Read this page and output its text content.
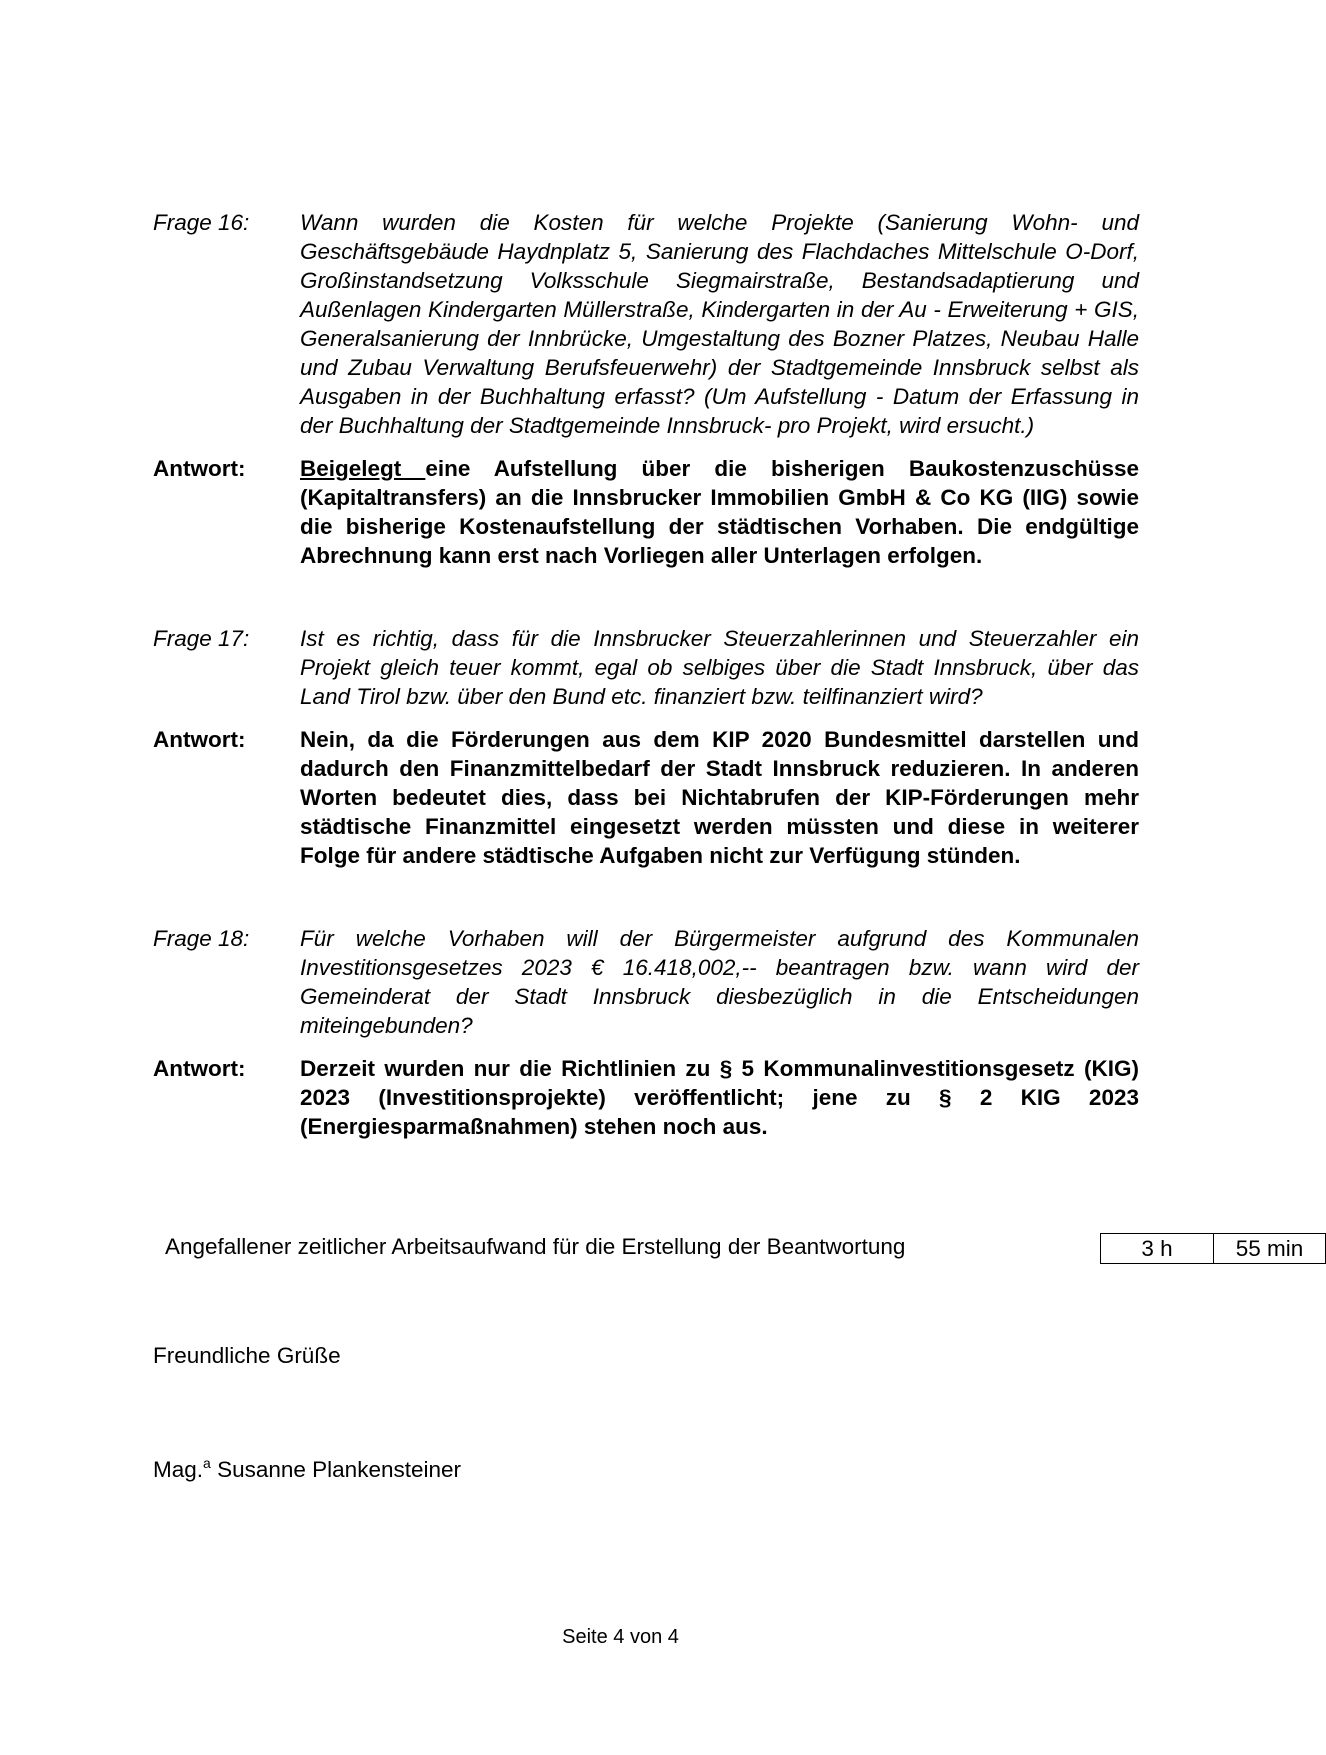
Frage 16:	Wann wurden die Kosten für welche Projekte (Sanierung Wohn- und Geschäftsgebäude Haydnplatz 5, Sanierung des Flachdaches Mittelschule O-Dorf, Großinstandsetzung Volksschule Siegmairstraße, Bestandsadaptierung und Außenlagen Kindergarten Müllerstraße, Kindergarten in der Au - Erweiterung + GIS, Generalsanierung der Innbrücke, Umgestaltung des Bozner Platzes, Neubau Halle und Zubau Verwaltung Berufsfeuerwehr) der Stadtgemeinde Innsbruck selbst als Ausgaben in der Buchhaltung erfasst? (Um Aufstellung - Datum der Erfassung in der Buchhaltung der Stadtgemeinde Innsbruck- pro Projekt, wird ersucht.)
Antwort:	Beigelegt eine Aufstellung über die bisherigen Baukostenzuschüsse (Kapitaltransfers) an die Innsbrucker Immobilien GmbH & Co KG (IIG) sowie die bisherige Kostenaufstellung der städtischen Vorhaben. Die endgültige Abrechnung kann erst nach Vorliegen aller Unterlagen erfolgen.
Frage 17:	Ist es richtig, dass für die Innsbrucker Steuerzahlerinnen und Steuerzahler ein Projekt gleich teuer kommt, egal ob selbiges über die Stadt Innsbruck, über das Land Tirol bzw. über den Bund etc. finanziert bzw. teilfinanziert wird?
Antwort:	Nein, da die Förderungen aus dem KIP 2020 Bundesmittel darstellen und dadurch den Finanzmittelbedarf der Stadt Innsbruck reduzieren. In anderen Worten bedeutet dies, dass bei Nichtabrufen der KIP-Förderungen mehr städtische Finanzmittel eingesetzt werden müssten und diese in weiterer Folge für andere städtische Aufgaben nicht zur Verfügung stünden.
Frage 18:	Für welche Vorhaben will der Bürgermeister aufgrund des Kommunalen Investitionsgesetzes 2023 € 16.418,002,-- beantragen bzw. wann wird der Gemeinderat der Stadt Innsbruck diesbezüglich in die Entscheidungen miteingebunden?
Antwort:	Derzeit wurden nur die Richtlinien zu § 5 Kommunalinvestitionsgesetz (KIG) 2023 (Investitionsprojekte) veröffentlicht; jene zu § 2 KIG 2023 (Energiesparmaßnahmen) stehen noch aus.
Angefallener zeitlicher Arbeitsaufwand für die Erstellung der Beantwortung	3 h	55 min
Freundliche Grüße
Mag.$^a$ Susanne Plankensteiner
Seite 4 von 4
